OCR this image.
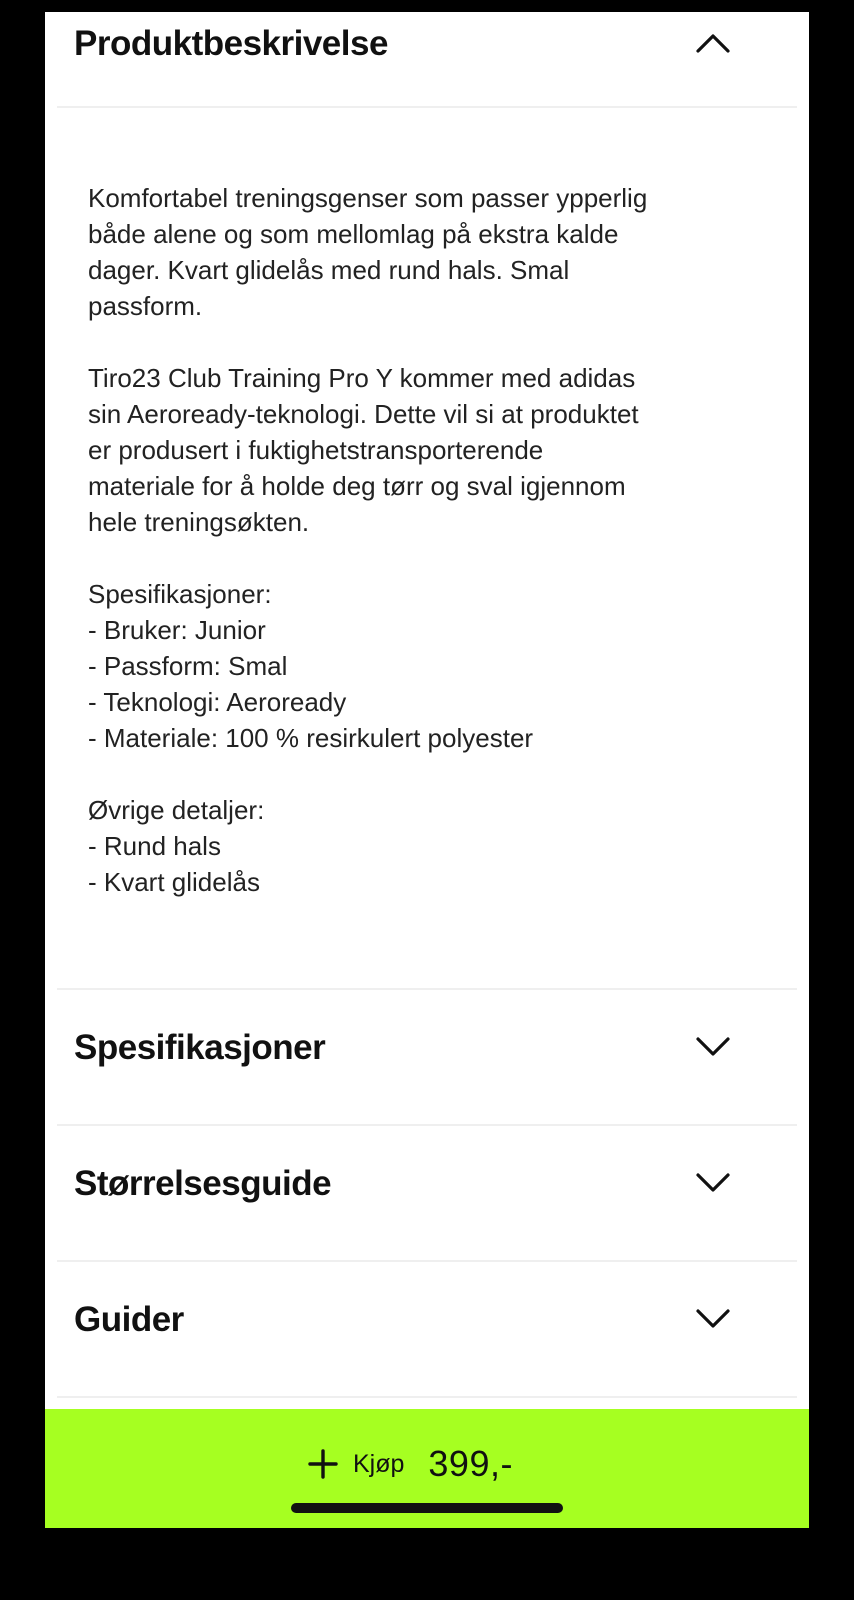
Produktbeskrivelse

Komfortabel treningsgenser som passer ypperlig
både alene og som mellomlag på ekstra kalde
dager. Kvart glidelås med rund hals. Smal
passform.

Tiro23 Club Training Pro Y kommer med adidas
sin Aeroready-teknologi. Dette vil si at produktet
er produsert i fuktighetstransporterende
materiale for å holde deg tørr og sval igjennom
hele treningsøkten.

Spesifikasjoner:
- Bruker: Junior
- Passform: Smal
- Teknologi: Aeroready
- Materiale: 100 % resirkulert polyester

Øvrige detaljer:
- Rund hals
- Kvart glidelås

Spesifikasjoner
Størrelsesguide
Guider
Kjøp 399,-
